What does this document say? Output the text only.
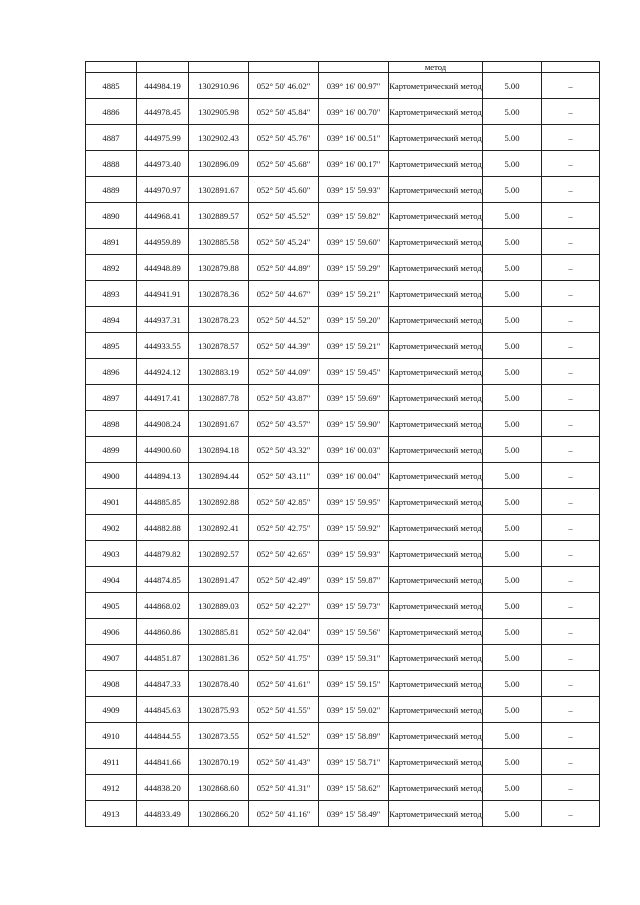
					метод		
4885	444984.19	1302910.96	052° 50' 46.02"	039° 16' 00.97"	Картометрический метод	5.00	–
4886	444978.45	1302905.98	052° 50' 45.84"	039° 16' 00.70"	Картометрический метод	5.00	–
4887	444975.99	1302902.43	052° 50' 45.76"	039° 16' 00.51"	Картометрический метод	5.00	–
4888	444973.40	1302896.09	052° 50' 45.68"	039° 16' 00.17"	Картометрический метод	5.00	–
4889	444970.97	1302891.67	052° 50' 45.60"	039° 15' 59.93"	Картометрический метод	5.00	–
4890	444968.41	1302889.57	052° 50' 45.52"	039° 15' 59.82"	Картометрический метод	5.00	–
4891	444959.89	1302885.58	052° 50' 45.24"	039° 15' 59.60"	Картометрический метод	5.00	–
4892	444948.89	1302879.88	052° 50' 44.89"	039° 15' 59.29"	Картометрический метод	5.00	–
4893	444941.91	1302878.36	052° 50' 44.67"	039° 15' 59.21"	Картометрический метод	5.00	–
4894	444937.31	1302878.23	052° 50' 44.52"	039° 15' 59.20"	Картометрический метод	5.00	–
4895	444933.55	1302878.57	052° 50' 44.39"	039° 15' 59.21"	Картометрический метод	5.00	–
4896	444924.12	1302883.19	052° 50' 44.09"	039° 15' 59.45"	Картометрический метод	5.00	–
4897	444917.41	1302887.78	052° 50' 43.87"	039° 15' 59.69"	Картометрический метод	5.00	–
4898	444908.24	1302891.67	052° 50' 43.57"	039° 15' 59.90"	Картометрический метод	5.00	–
4899	444900.60	1302894.18	052° 50' 43.32"	039° 16' 00.03"	Картометрический метод	5.00	–
4900	444894.13	1302894.44	052° 50' 43.11"	039° 16' 00.04"	Картометрический метод	5.00	–
4901	444885.85	1302892.88	052° 50' 42.85"	039° 15' 59.95"	Картометрический метод	5.00	–
4902	444882.88	1302892.41	052° 50' 42.75"	039° 15' 59.92"	Картометрический метод	5.00	–
4903	444879.82	1302892.57	052° 50' 42.65"	039° 15' 59.93"	Картометрический метод	5.00	–
4904	444874.85	1302891.47	052° 50' 42.49"	039° 15' 59.87"	Картометрический метод	5.00	–
4905	444868.02	1302889.03	052° 50' 42.27"	039° 15' 59.73"	Картометрический метод	5.00	–
4906	444860.86	1302885.81	052° 50' 42.04"	039° 15' 59.56"	Картометрический метод	5.00	–
4907	444851.87	1302881.36	052° 50' 41.75"	039° 15' 59.31"	Картометрический метод	5.00	–
4908	444847.33	1302878.40	052° 50' 41.61"	039° 15' 59.15"	Картометрический метод	5.00	–
4909	444845.63	1302875.93	052° 50' 41.55"	039° 15' 59.02"	Картометрический метод	5.00	–
4910	444844.55	1302873.55	052° 50' 41.52"	039° 15' 58.89"	Картометрический метод	5.00	–
4911	444841.66	1302870.19	052° 50' 41.43"	039° 15' 58.71"	Картометрический метод	5.00	–
4912	444838.20	1302868.60	052° 50' 41.31"	039° 15' 58.62"	Картометрический метод	5.00	–
4913	444833.49	1302866.20	052° 50' 41.16"	039° 15' 58.49"	Картометрический метод	5.00	–
